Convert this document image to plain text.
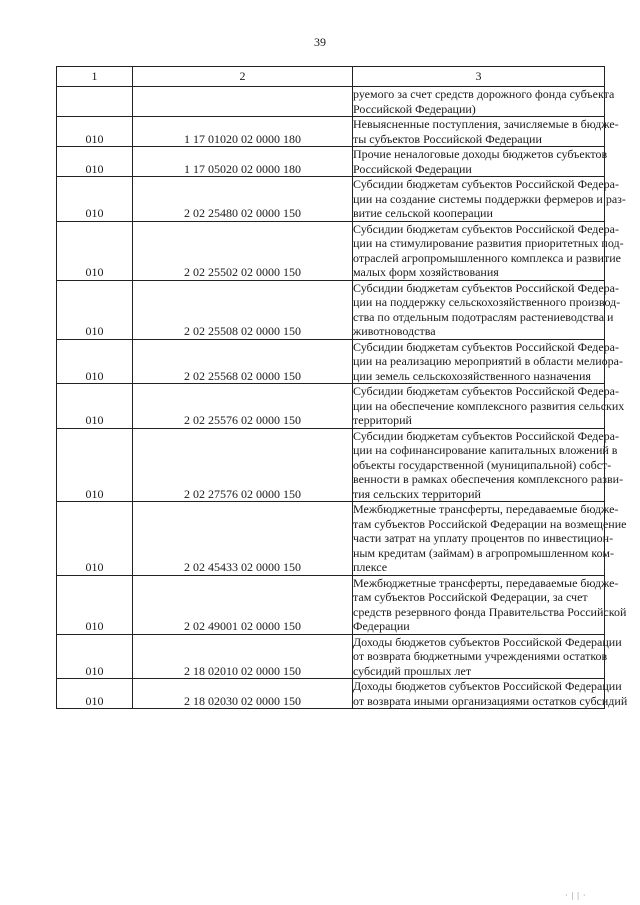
39
1	2	3

		руемого за счет средств дорожного фонда субъекта
Российской Федерации)

010	1 17 01020 02 0000 180	Невыясненные поступления, зачисляемые в бюдже-
ты субъектов Российской Федерации

010	1 17 05020 02 0000 180	Прочие неналоговые доходы бюджетов субъектов
Российской Федерации

010	2 02 25480 02 0000 150	Субсидии бюджетам субъектов Российской Федера-
ции на создание системы поддержки фермеров и раз-
витие сельской кооперации

010	2 02 25502 02 0000 150	Субсидии бюджетам субъектов Российской Федера-
ции на стимулирование развития приоритетных под-
отраслей агропромышленного комплекса и развитие
малых форм хозяйствования

010	2 02 25508 02 0000 150	Субсидии бюджетам субъектов Российской Федера-
ции на поддержку сельскохозяйственного производ-
ства по отдельным подотраслям растениеводства и
животноводства

010	2 02 25568 02 0000 150	Субсидии бюджетам субъектов Российской Федера-
ции на реализацию мероприятий в области мелиора-
ции земель сельскохозяйственного назначения

010	2 02 25576 02 0000 150	Субсидии бюджетам субъектов Российской Федера-
ции на обеспечение комплексного развития сельских
территорий

010	2 02 27576 02 0000 150	Субсидии бюджетам субъектов Российской Федера-
ции на софинансирование капитальных вложений в
объекты государственной (муниципальной) собст-
венности в рамках обеспечения комплексного разви-
тия сельских территорий

010	2 02 45433 02 0000 150	Межбюджетные трансферты, передаваемые бюдже-
там субъектов Российской Федерации на возмещение
части затрат на уплату процентов по инвестицион-
ным кредитам (займам) в агропромышленном ком-
плексе

010	2 02 49001 02 0000 150	Межбюджетные трансферты, передаваемые бюдже-
там субъектов Российской Федерации, за счет
средств резервного фонда Правительства Российской
Федерации

010	2 18 02010 02 0000 150	Доходы бюджетов субъектов Российской Федерации
от возврата бюджетными учреждениями остатков
субсидий прошлых лет

010	2 18 02030 02 0000 150	Доходы бюджетов субъектов Российской Федерации
от возврата иными организациями остатков субсидий
· | | ·
